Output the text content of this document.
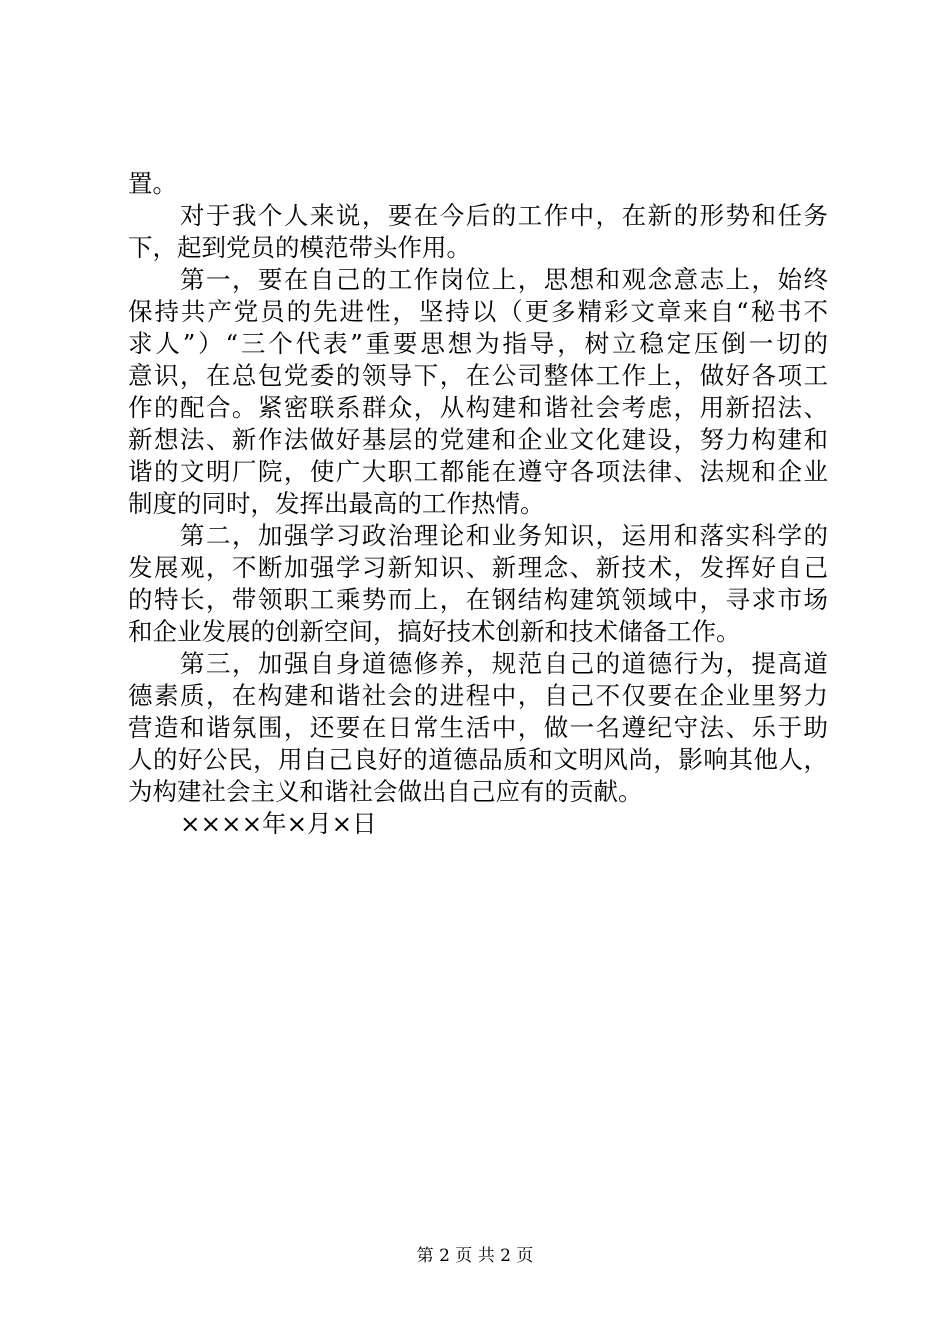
置。
对于我个人来说，要在今后的工作中，在新的形势和任务
下，起到党员的模范带头作用。
第一，要在自己的工作岗位上，思想和观念意志上，始终
保持共产党员的先进性，坚持以（更多精彩文章来自“秘书不
求人”）“三个代表”重要思想为指导，树立稳定压倒一切的
意识，在总包党委的领导下，在公司整体工作上，做好各项工
作的配合。紧密联系群众，从构建和谐社会考虑，用新招法、
新想法、新作法做好基层的党建和企业文化建设，努力构建和
谐的文明厂院，使广大职工都能在遵守各项法律、法规和企业
制度的同时，发挥出最高的工作热情。
第二，加强学习政治理论和业务知识，运用和落实科学的
发展观，不断加强学习新知识、新理念、新技术，发挥好自己
的特长，带领职工乘势而上，在钢结构建筑领域中，寻求市场
和企业发展的创新空间，搞好技术创新和技术储备工作。
第三，加强自身道德修养，规范自己的道德行为，提高道
德素质，在构建和谐社会的进程中，自己不仅要在企业里努力
营造和谐氛围，还要在日常生活中，做一名遵纪守法、乐于助
人的好公民，用自己良好的道德品质和文明风尚，影响其他人，
为构建社会主义和谐社会做出自己应有的贡献。
××××年×月×日
第 2 页 共 2 页
